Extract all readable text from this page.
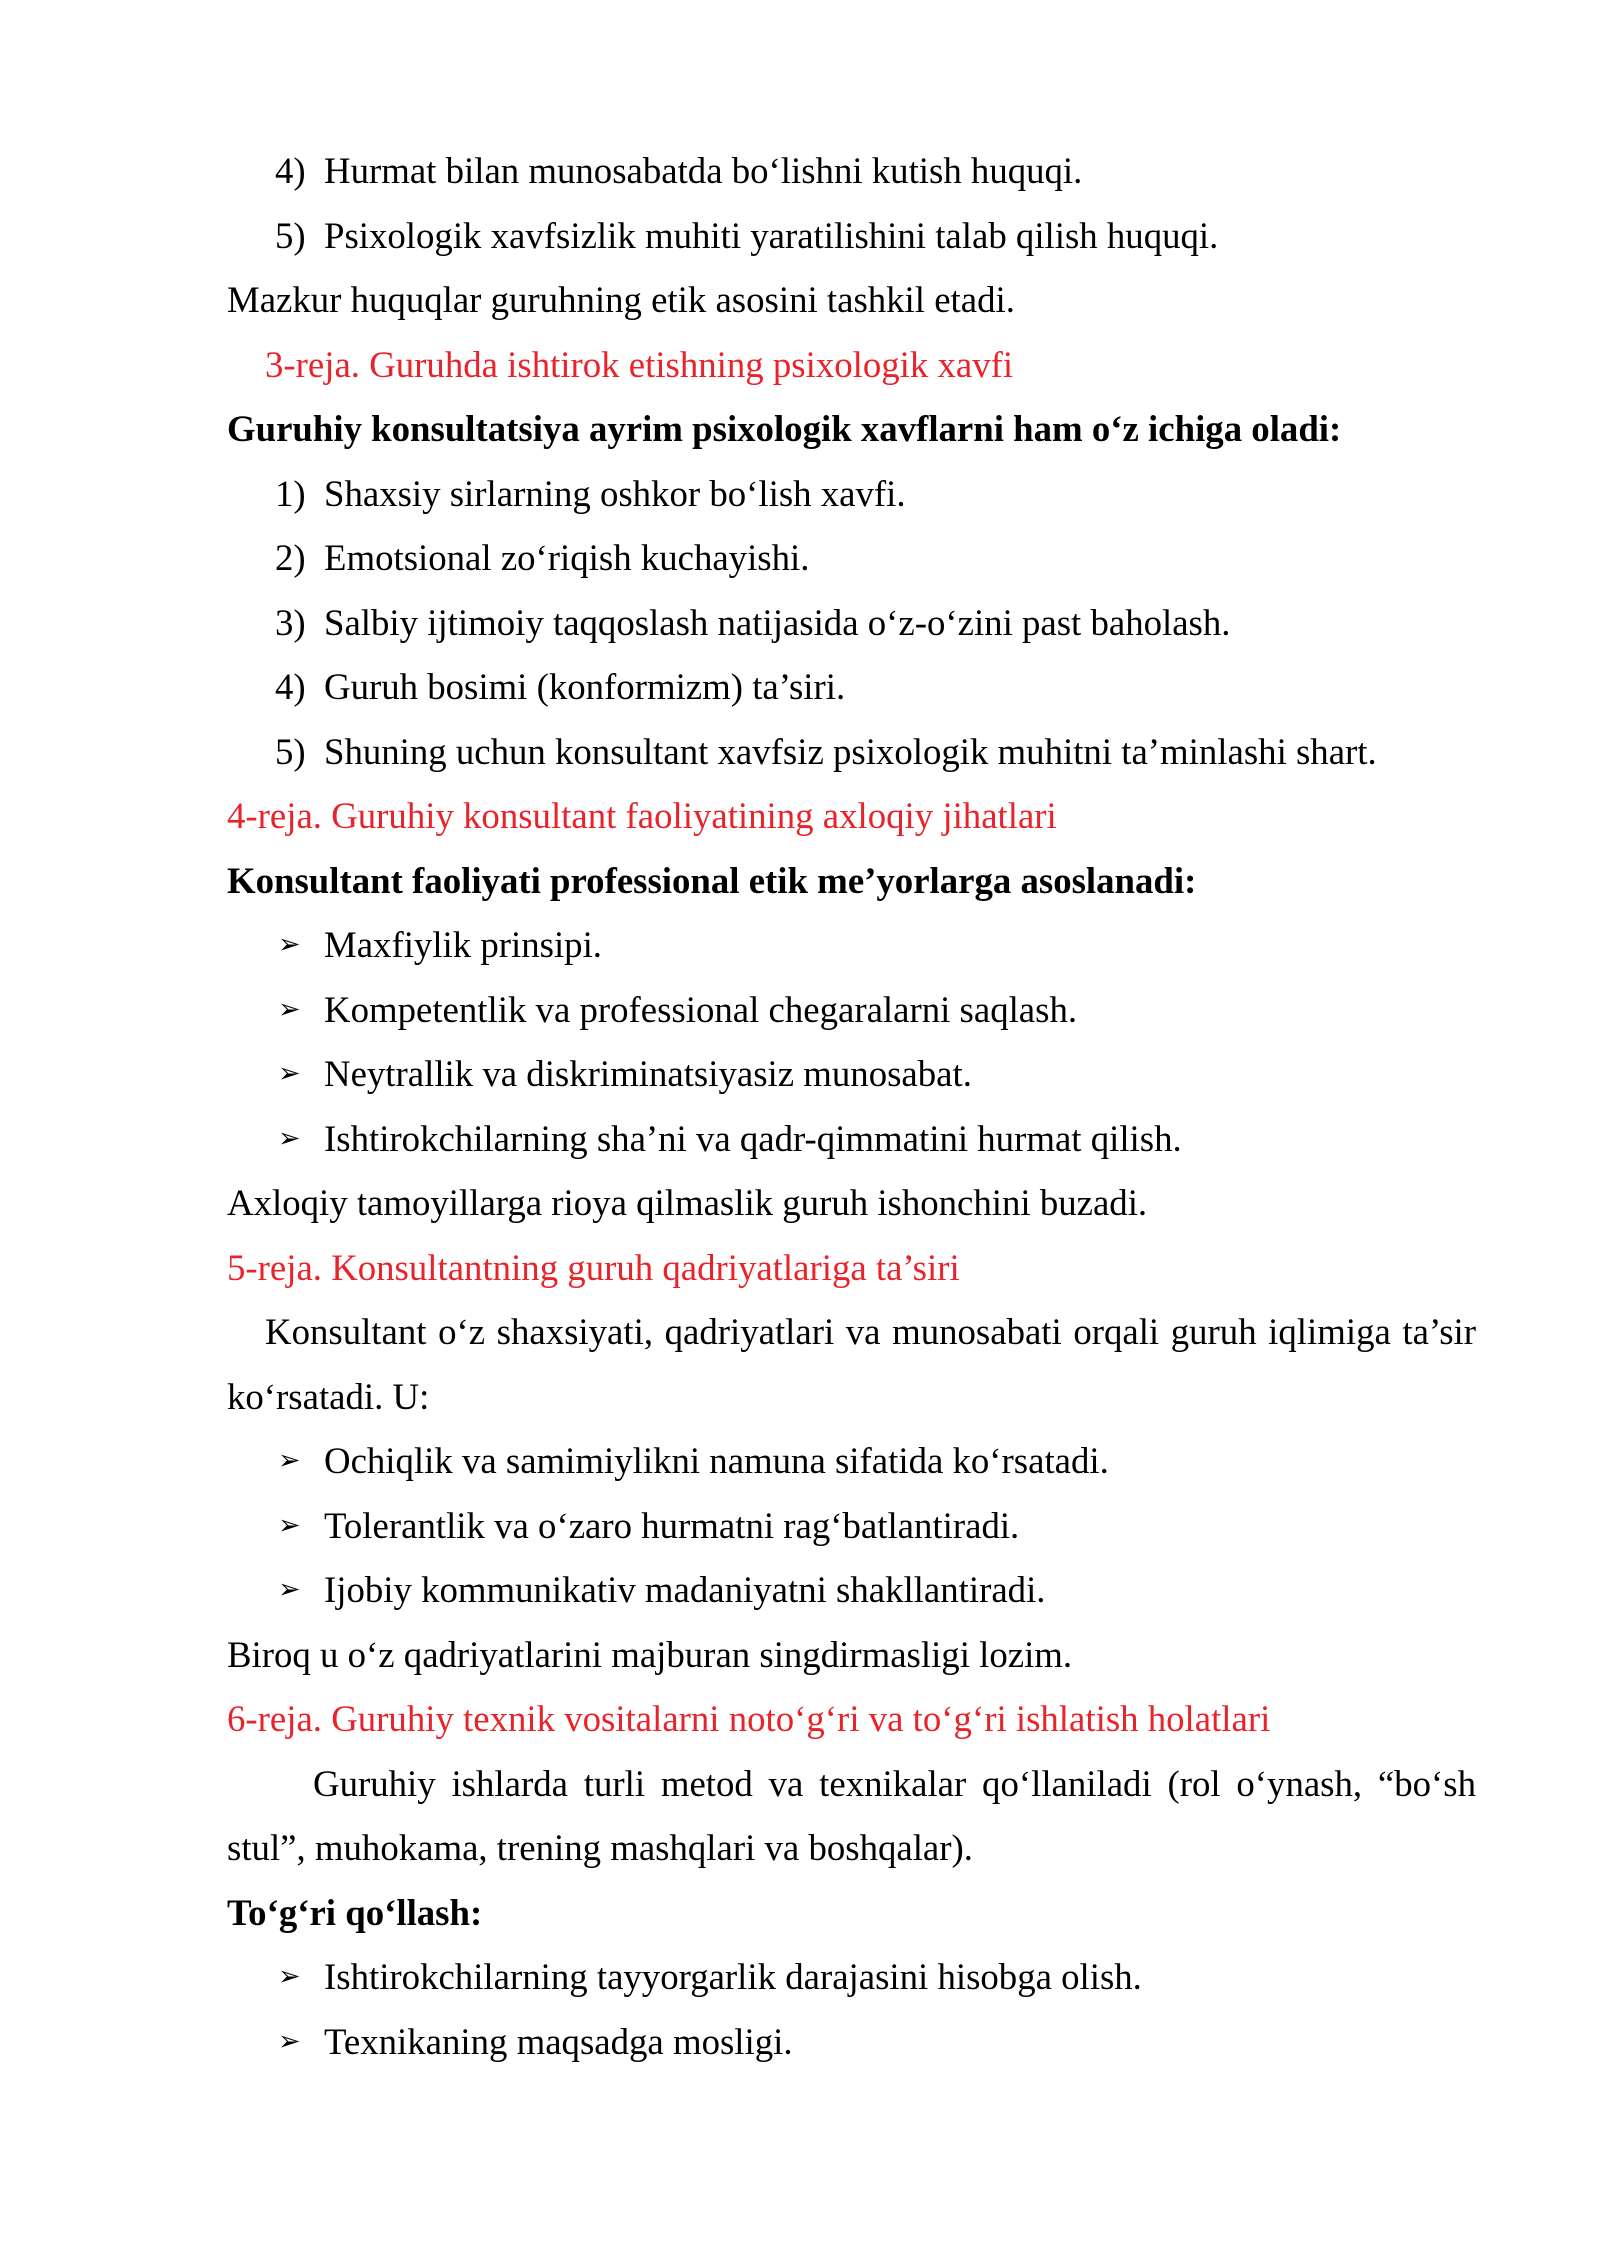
4) Hurmat bilan munosabatda bo‘lishni kutish huquqi.
5) Psixologik xavfsizlik muhiti yaratilishini talab qilish huquqi.
Mazkur huquqlar guruhning etik asosini tashkil etadi.
3-reja. Guruhda ishtirok etishning psixologik xavfi
Guruhiy konsultatsiya ayrim psixologik xavflarni ham o‘z ichiga oladi:
1) Shaxsiy sirlarning oshkor bo‘lish xavfi.
2) Emotsional zo‘riqish kuchayishi.
3) Salbiy ijtimoiy taqqoslash natijasida o‘z-o‘zini past baholash.
4) Guruh bosimi (konformizm) ta’siri.
5) Shuning uchun konsultant xavfsiz psixologik muhitni ta’minlashi shart.
4-reja. Guruhiy konsultant faoliyatining axloqiy jihatlari
Konsultant faoliyati professional etik me’yorlarga asoslanadi:
➢ Maxfiylik prinsipi.
➢ Kompetentlik va professional chegaralarni saqlash.
➢ Neytrallik va diskriminatsiyasiz munosabat.
➢ Ishtirokchilarning sha’ni va qadr-qimmatini hurmat qilish.
Axloqiy tamoyillarga rioya qilmaslik guruh ishonchini buzadi.
5-reja. Konsultantning guruh qadriyatlariga ta’siri
Konsultant o‘z shaxsiyati, qadriyatlari va munosabati orqali guruh iqlimiga ta’sir
ko‘rsatadi. U:
➢ Ochiqlik va samimiylikni namuna sifatida ko‘rsatadi.
➢ Tolerantlik va o‘zaro hurmatni rag‘batlantiradi.
➢ Ijobiy kommunikativ madaniyatni shakllantiradi.
Biroq u o‘z qadriyatlarini majburan singdirmasligi lozim.
6-reja. Guruhiy texnik vositalarni noto‘g‘ri va to‘g‘ri ishlatish holatlari
Guruhiy ishlarda turli metod va texnikalar qo‘llaniladi (rol o‘ynash, “bo‘sh
stul”, muhokama, trening mashqlari va boshqalar).
To‘g‘ri qo‘llash:
➢ Ishtirokchilarning tayyorgarlik darajasini hisobga olish.
➢ Texnikaning maqsadga mosligi.
